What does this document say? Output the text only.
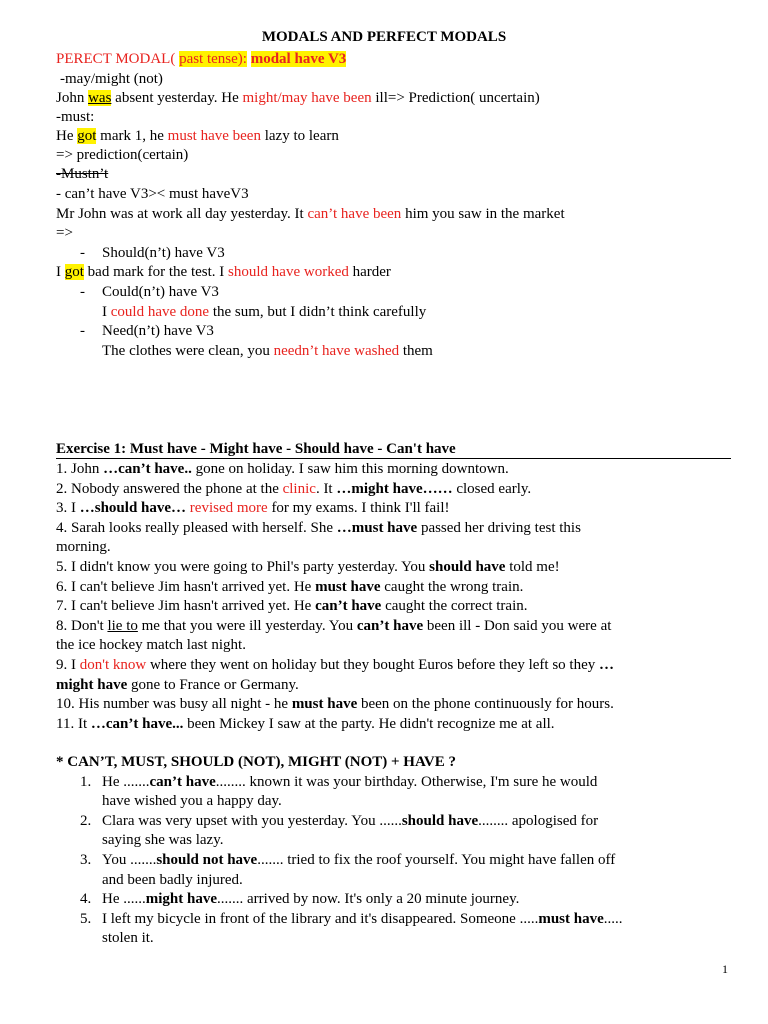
MODALS AND PERFECT MODALS
PERECT MODAL( past tense): modal have V3
-may/might (not)
John was absent yesterday. He might/may have been ill=> Prediction( uncertain)
-must:
He got mark 1, he must have been lazy to learn
=> prediction(certain)
-Mustn’t
- can’t have V3>< must haveV3
Mr John was at work all day yesterday. It can’t have been him you saw in the market
=>
- Should(n’t) have V3
I got bad mark for the test. I should have worked harder
- Could(n’t) have V3
I could have done the sum, but I didn’t think carefully
- Need(n’t) have V3
The clothes were clean, you needn’t have washed them
Exercise 1: Must have - Might have - Should have - Can't have
1. John …can’t have.. gone on holiday. I saw him this morning downtown.
2. Nobody answered the phone at the clinic. It …might have…… closed early.
3. I …should have… revised more for my exams. I think I'll fail!
4. Sarah looks really pleased with herself. She …must have passed her driving test this
morning.
5. I didn't know you were going to Phil's party yesterday. You should have told me!
6. I can't believe Jim hasn't arrived yet. He must have caught the wrong train.
7. I can't believe Jim hasn't arrived yet. He can’t have caught the correct train.
8. Don't lie to me that you were ill yesterday. You can’t have been ill - Don said you were at
the ice hockey match last night.
9. I don't know where they went on holiday but they bought Euros before they left so they …
might have gone to France or Germany.
10. His number was busy all night - he must have been on the phone continuously for hours.
11. It …can’t have... been Mickey I saw at the party. He didn't recognize me at all.
* CAN’T, MUST, SHOULD (NOT), MIGHT (NOT) + HAVE ?
1. He .......can’t have........ known it was your birthday. Otherwise, I'm sure he would
have wished you a happy day.
2. Clara was very upset with you yesterday. You ......should have........ apologised for
saying she was lazy.
3. You .......should not have....... tried to fix the roof yourself. You might have fallen off
and been badly injured.
4. He ......might have....... arrived by now. It's only a 20 minute journey.
5. I left my bicycle in front of the library and it's disappeared. Someone .....must have.....
stolen it.
1
